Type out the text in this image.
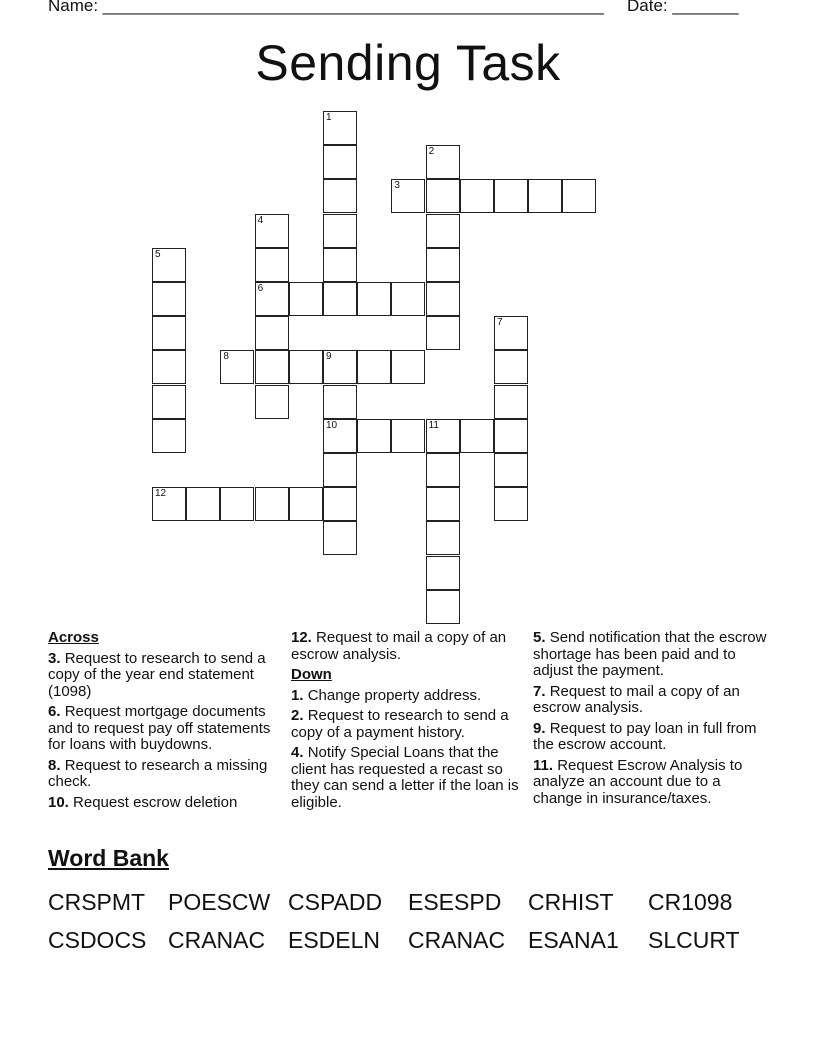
Name: _____________________________________________________ Date: _______
Sending Task
1
2
3
4
6
5
7
8	9
10	11
12
Across
3. Request to research to send a copy of the year end statement (1098)
6. Request mortgage documents and to request pay off statements for loans with buydowns.
8. Request to research a missing check.
10. Request escrow deletion
12. Request to mail a copy of an escrow analysis.
Down
1. Change property address.
2. Request to research to send a copy of a payment history.
4. Notify Special Loans that the client has requested a recast so they can send a letter if the loan is eligible.
5. Send notification that the escrow shortage has been paid and to adjust the payment.
7. Request to mail a copy of an escrow analysis.
9. Request to pay loan in full from the escrow account.
11. Request Escrow Analysis to analyze an account due to a change in insurance/taxes.
Word Bank
CRSPMT POESCW CSPADD ESESPD CRHIST CR1098CSDOCS CRANAC ESDELN CRANAC ESANA1 SLCURT
